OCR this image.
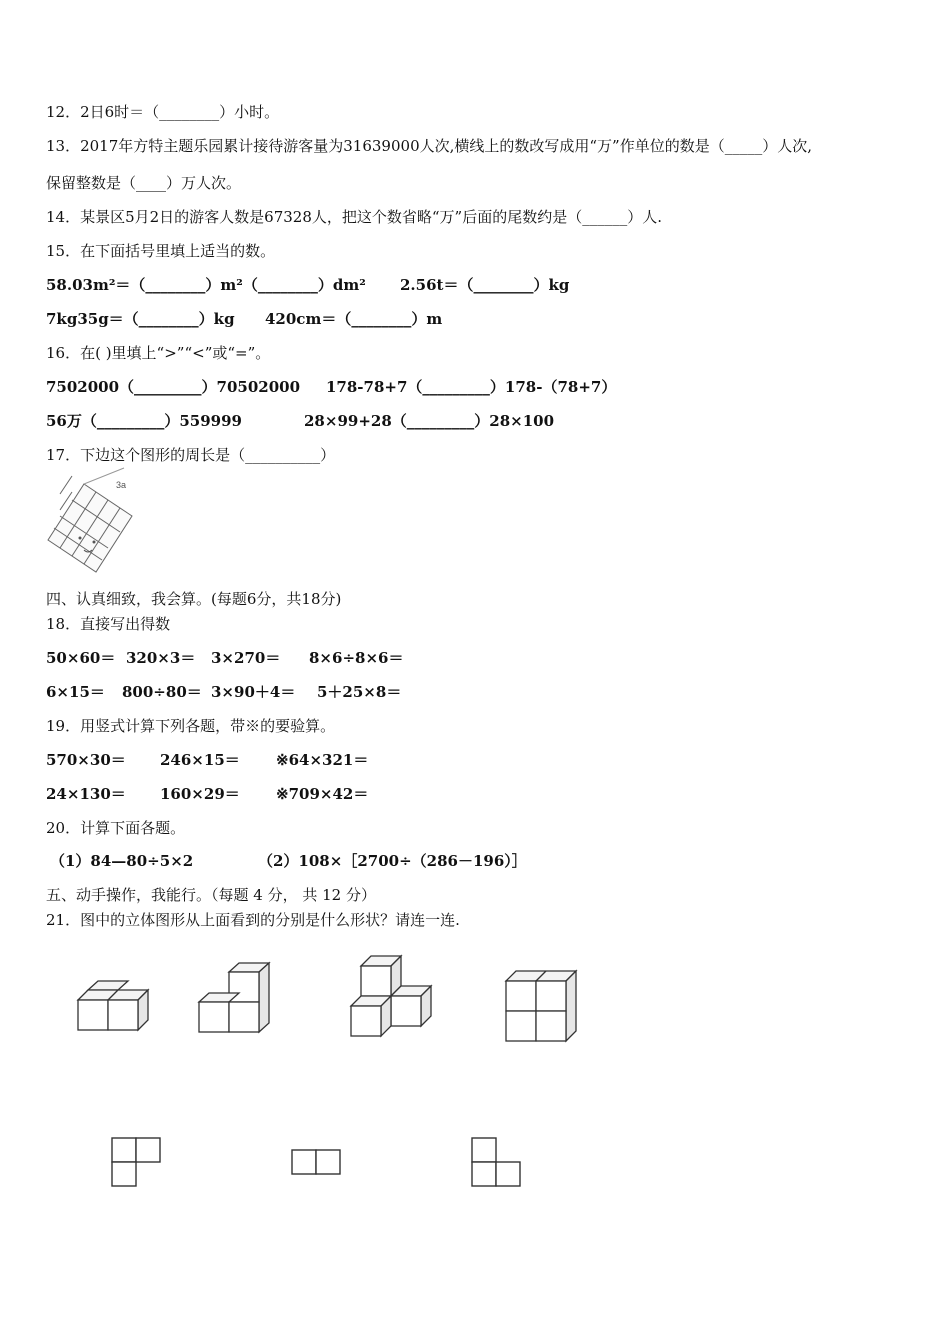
12．2日6时＝（________）小时。
13．2017年方特主题乐园累计接待游客量为31639000人次,横线上的数改写成用“万”作单位的数是（_____）人次,
保留整数是（____）万人次。
14．某景区5月2日的游客人数是67328人，把这个数省略“万”后面的尾数约是（______）人.
15．在下面括号里填上适当的数。
58.03m²＝（________）m²（________）dm² 2.56t＝（________）kg
7kg35g＝（________）kg 420cm＝（________）m
16．在( )里填上“>”“<”或“=”。
7502000（_________）70502000 178-78+7（_________）178-（78+7）
56万（_________）559999	28×99+28（_________）28×100
17．下边这个图形的周长是（__________）
3a
四、认真细致，我会算。(每题6分，共18分)
18．直接写出得数
50×60＝ 320×3＝ 3×270＝ 8×6÷8×6＝
6×15＝ 800÷80＝ 3×90＋4＝ 5＋25×8＝
19．用竖式计算下列各题，带※的要验算。
570×30＝ 246×15＝ ※64×321＝
24×130＝ 160×29＝ ※709×42＝
20．计算下面各题。
（1）84—80÷5×2	（2）108×［2700÷（286－196）］
五、动手操作，我能行。（每题 4 分， 共 12 分）
21．图中的立体图形从上面看到的分别是什么形状？请连一连.
